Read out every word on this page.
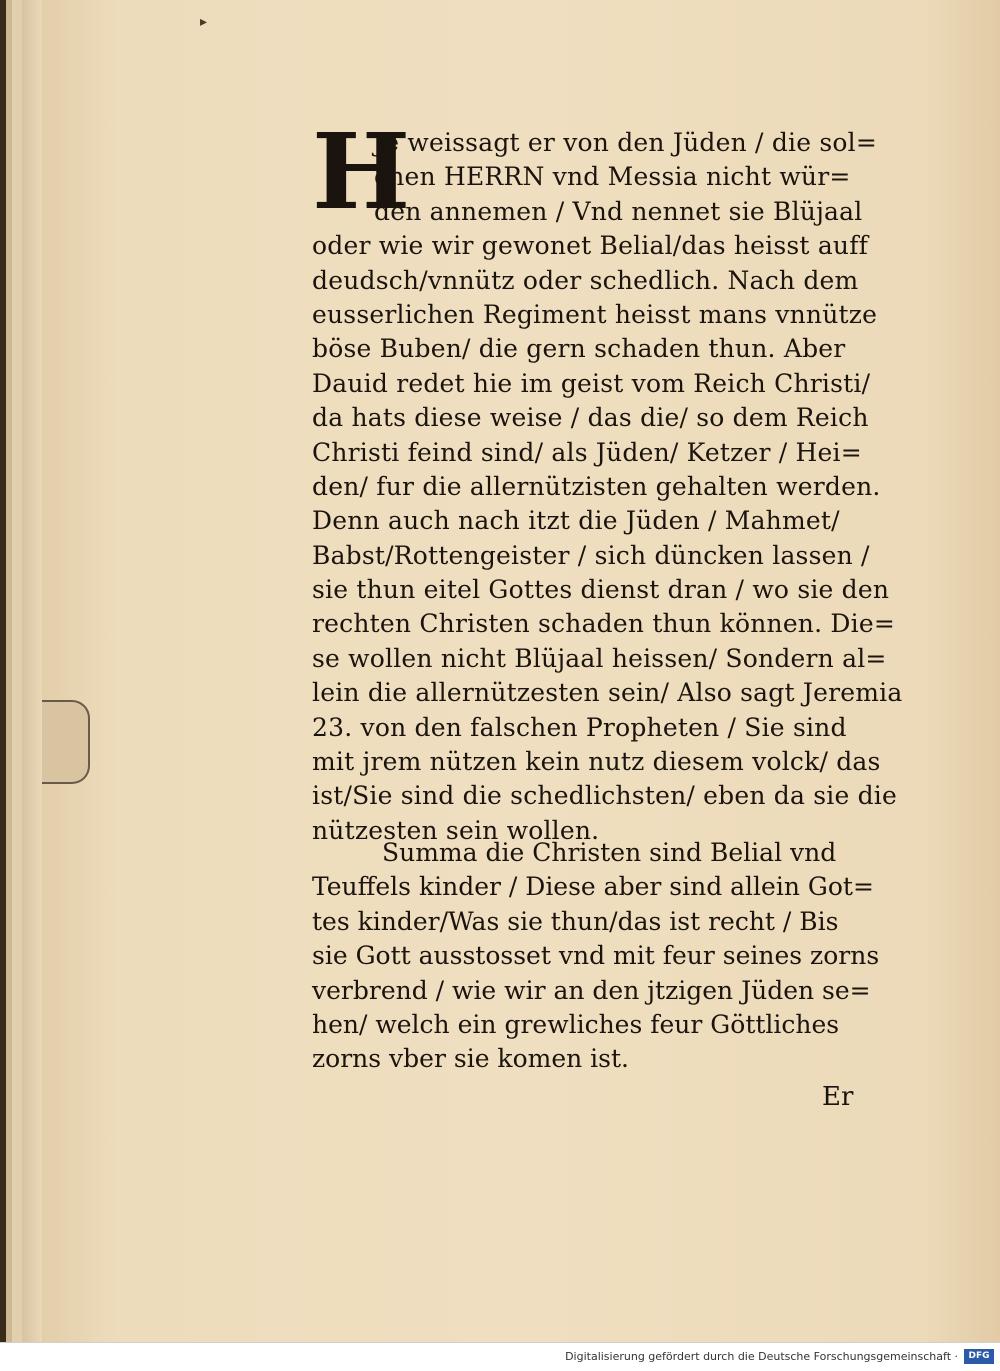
▸
H
Je weissagt er von den Jüden / die sol=
chen HERRN vnd Messia nicht wür=
den annemen / Vnd nennet sie Blüjaal
oder wie wir gewonet Belial/das heisst auff
deudsch/vnnütz oder schedlich. Nach dem
eusserlichen Regiment heisst mans vnnütze
böse Buben/ die gern schaden thun. Aber
Dauid redet hie im geist vom Reich Christi/
da hats diese weise / das die/ so dem Reich
Christi feind sind/ als Jüden/ Ketzer / Hei=
den/ fur die allernützisten gehalten werden.
Denn auch nach itzt die Jüden / Mahmet/
Babst/Rottengeister / sich düncken lassen /
sie thun eitel Gottes dienst dran / wo sie den
rechten Christen schaden thun können. Die=
se wollen nicht Blüjaal heissen/ Sondern al=
lein die allernützesten sein/ Also sagt Jeremia
23. von den falschen Propheten / Sie sind
mit jrem nützen kein nutz diesem volck/ das
ist/Sie sind die schedlichsten/ eben da sie die
nützesten sein wollen.
Summa die Christen sind Belial vnd
Teuffels kinder / Diese aber sind allein Got=
tes kinder/Was sie thun/das ist recht / Bis
sie Gott ausstosset vnd mit feur seines zorns
verbrend / wie wir an den jtzigen Jüden se=
hen/ welch ein grewliches feur Göttliches
zorns vber sie komen ist.
Er
Digitalisierung gefördert durch die Deutsche Forschungsgemeinschaft ·	DFG
